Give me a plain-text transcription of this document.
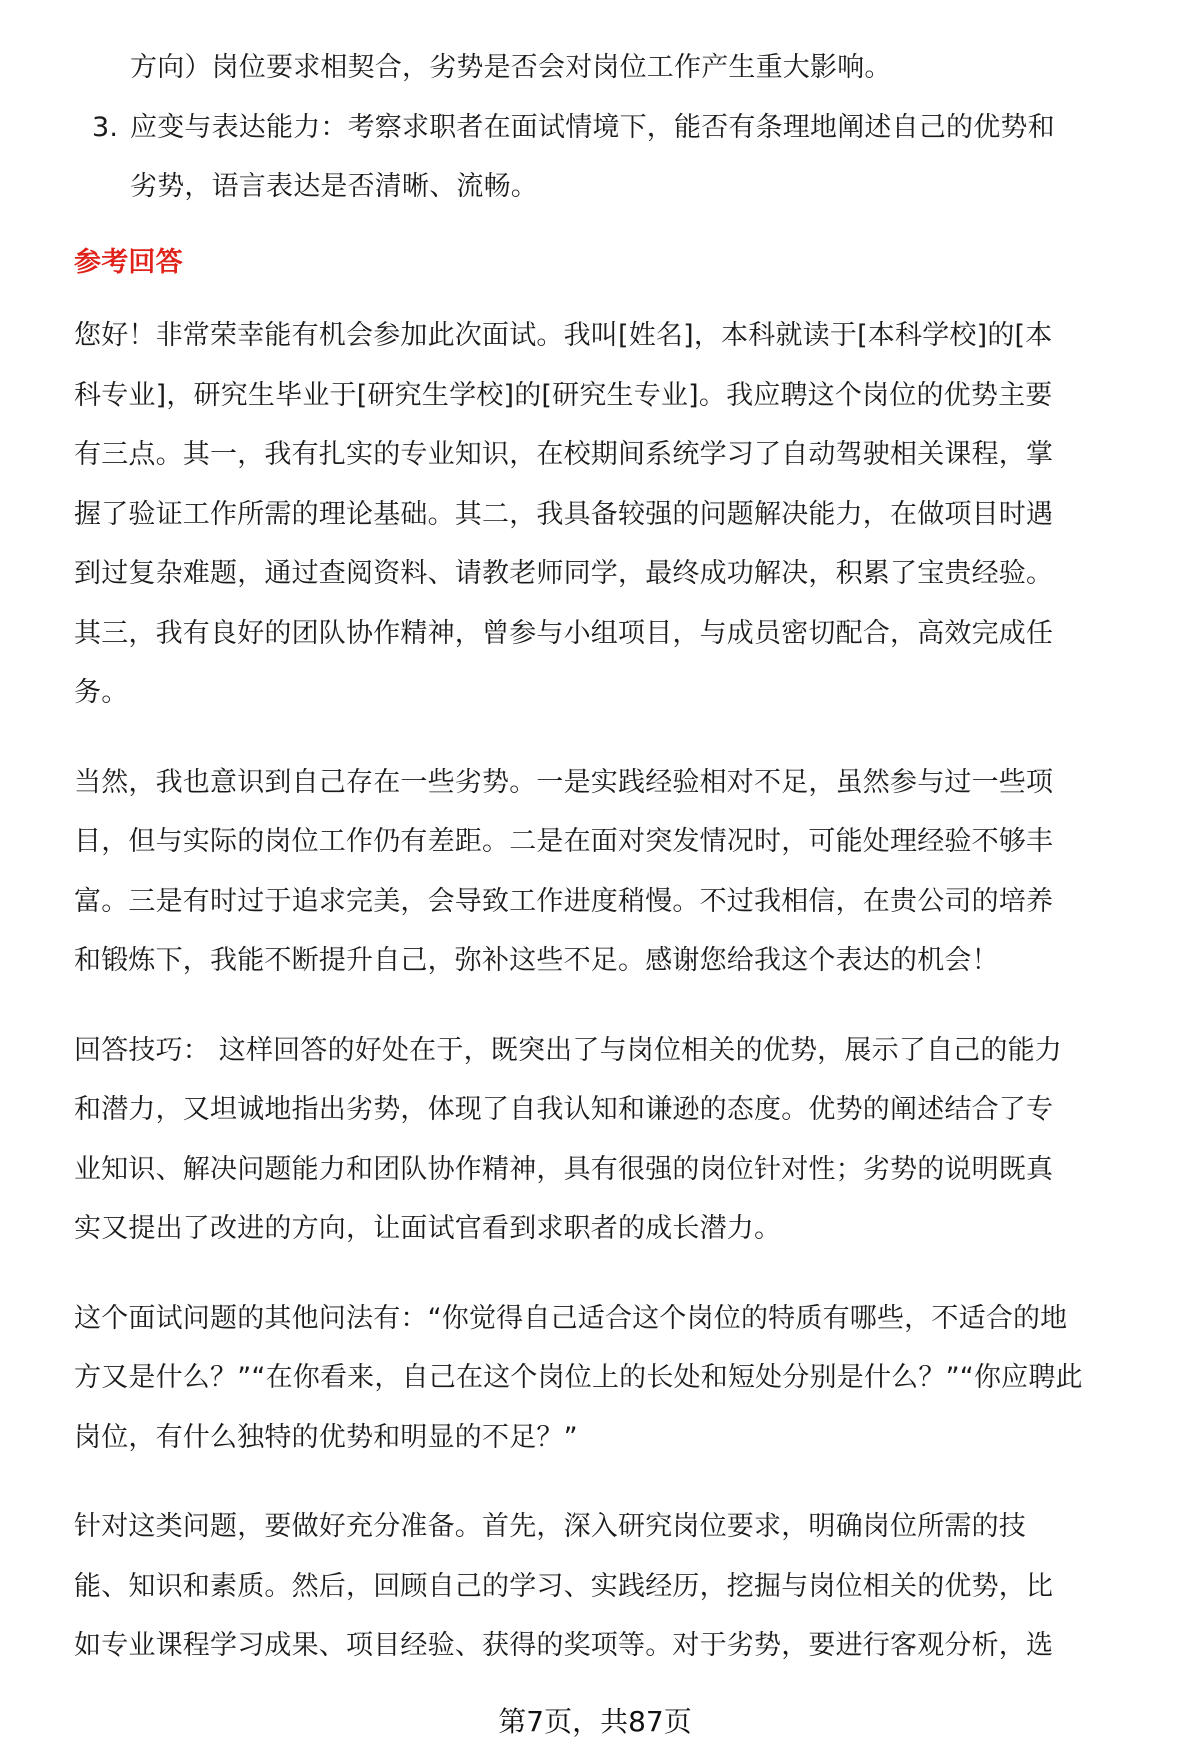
方向）岗位要求相契合，劣势是否会对岗位工作产生重大影响。
3. 应变与表达能力：考察求职者在面试情境下，能否有条理地阐述自己的优势和
劣势，语言表达是否清晰、流畅。
参考回答

您好！非常荣幸能有机会参加此次面试。我叫[姓名]，本科就读于[本科学校]的[本
科专业]，研究生毕业于[研究生学校]的[研究生专业]。我应聘这个岗位的优势主要
有三点。其一，我有扎实的专业知识，在校期间系统学习了自动驾驶相关课程，掌
握了验证工作所需的理论基础。其二，我具备较强的问题解决能力，在做项目时遇
到过复杂难题，通过查阅资料、请教老师同学，最终成功解决，积累了宝贵经验。
其三，我有良好的团队协作精神，曾参与小组项目，与成员密切配合，高效完成任
务。

当然，我也意识到自己存在一些劣势。一是实践经验相对不足，虽然参与过一些项
目，但与实际的岗位工作仍有差距。二是在面对突发情况时，可能处理经验不够丰
富。三是有时过于追求完美，会导致工作进度稍慢。不过我相信，在贵公司的培养
和锻炼下，我能不断提升自己，弥补这些不足。感谢您给我这个表达的机会！

回答技巧： 这样回答的好处在于，既突出了与岗位相关的优势，展示了自己的能力
和潜力，又坦诚地指出劣势，体现了自我认知和谦逊的态度。优势的阐述结合了专
业知识、解决问题能力和团队协作精神，具有很强的岗位针对性；劣势的说明既真
实又提出了改进的方向，让面试官看到求职者的成长潜力。

这个面试问题的其他问法有：“你觉得自己适合这个岗位的特质有哪些，不适合的地
方又是什么？”“在你看来，自己在这个岗位上的长处和短处分别是什么？”“你应聘此
岗位，有什么独特的优势和明显的不足？”

针对这类问题，要做好充分准备。首先，深入研究岗位要求，明确岗位所需的技
能、知识和素质。然后，回顾自己的学习、实践经历，挖掘与岗位相关的优势，比
如专业课程学习成果、项目经验、获得的奖项等。对于劣势，要进行客观分析，选

第7页，共87页
